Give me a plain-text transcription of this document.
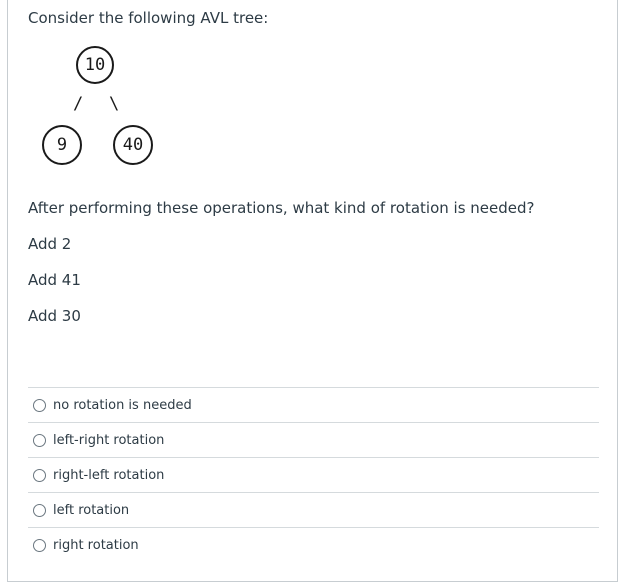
Consider the following AVL tree:
10
/ \
9	40
After performing these operations, what kind of rotation is needed?
Add 2
Add 41
Add 30
no rotation is needed
left-right rotation
right-left rotation
left rotation
right rotation
